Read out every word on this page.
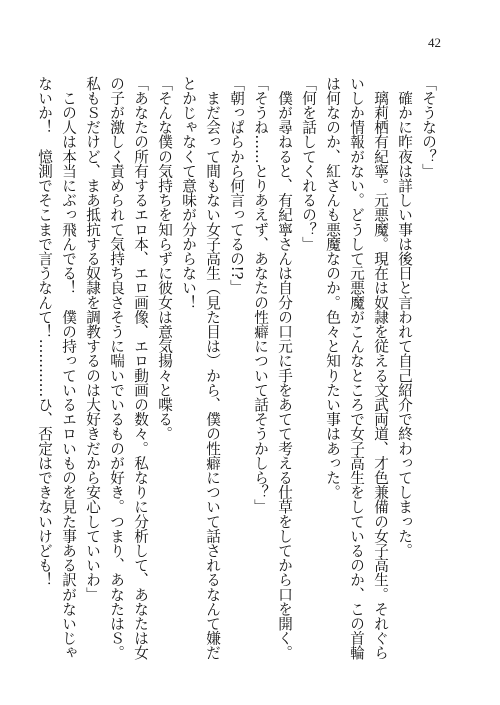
42
「そうなの？」
　確かに昨夜は詳しい事は後日と言われて自己紹介で終わってしまった。
　璃莉栖有紀寧。元悪魔。現在は奴隷を従える文武両道、才色兼備の女子高生。それぐら
いしか情報がない。どうして元悪魔がこんなところで女子高生をしているのか、この首輪
は何なのか、紅さんも悪魔なのか。色々と知りたい事はあった。
「何を話してくれるの？」
　僕が尋ねると、有紀寧さんは自分の口元に手をあてて考える仕草をしてから口を開く。
「そうね……とりあえず、あなたの性癖について話そうかしら？」
「朝っぱらから何言ってるの!?」
　まだ会って間もない女子高生（見た目は）から、僕の性癖について話されるなんて嫌だ
とかじゃなくて意味が分からない！
「そんな僕の気持ちを知らずに彼女は意気揚々と喋る。
「あなたの所有するエロ本、エロ画像、エロ動画の数々。私なりに分析して、あなたは女
の子が激しく責められて気持ち良さそうに喘いでいるものが好き。つまり、あなたはＳ。
私もＳだけど、まあ抵抗する奴隷を調教するのは大好きだから安心していいわ」
　この人は本当にぶっ飛んでる！　僕の持っているエロいものを見た事ある訳がないじゃ
ないか！　憶測でそこまで言うなんて！…………ひ、否定はできないけども！
